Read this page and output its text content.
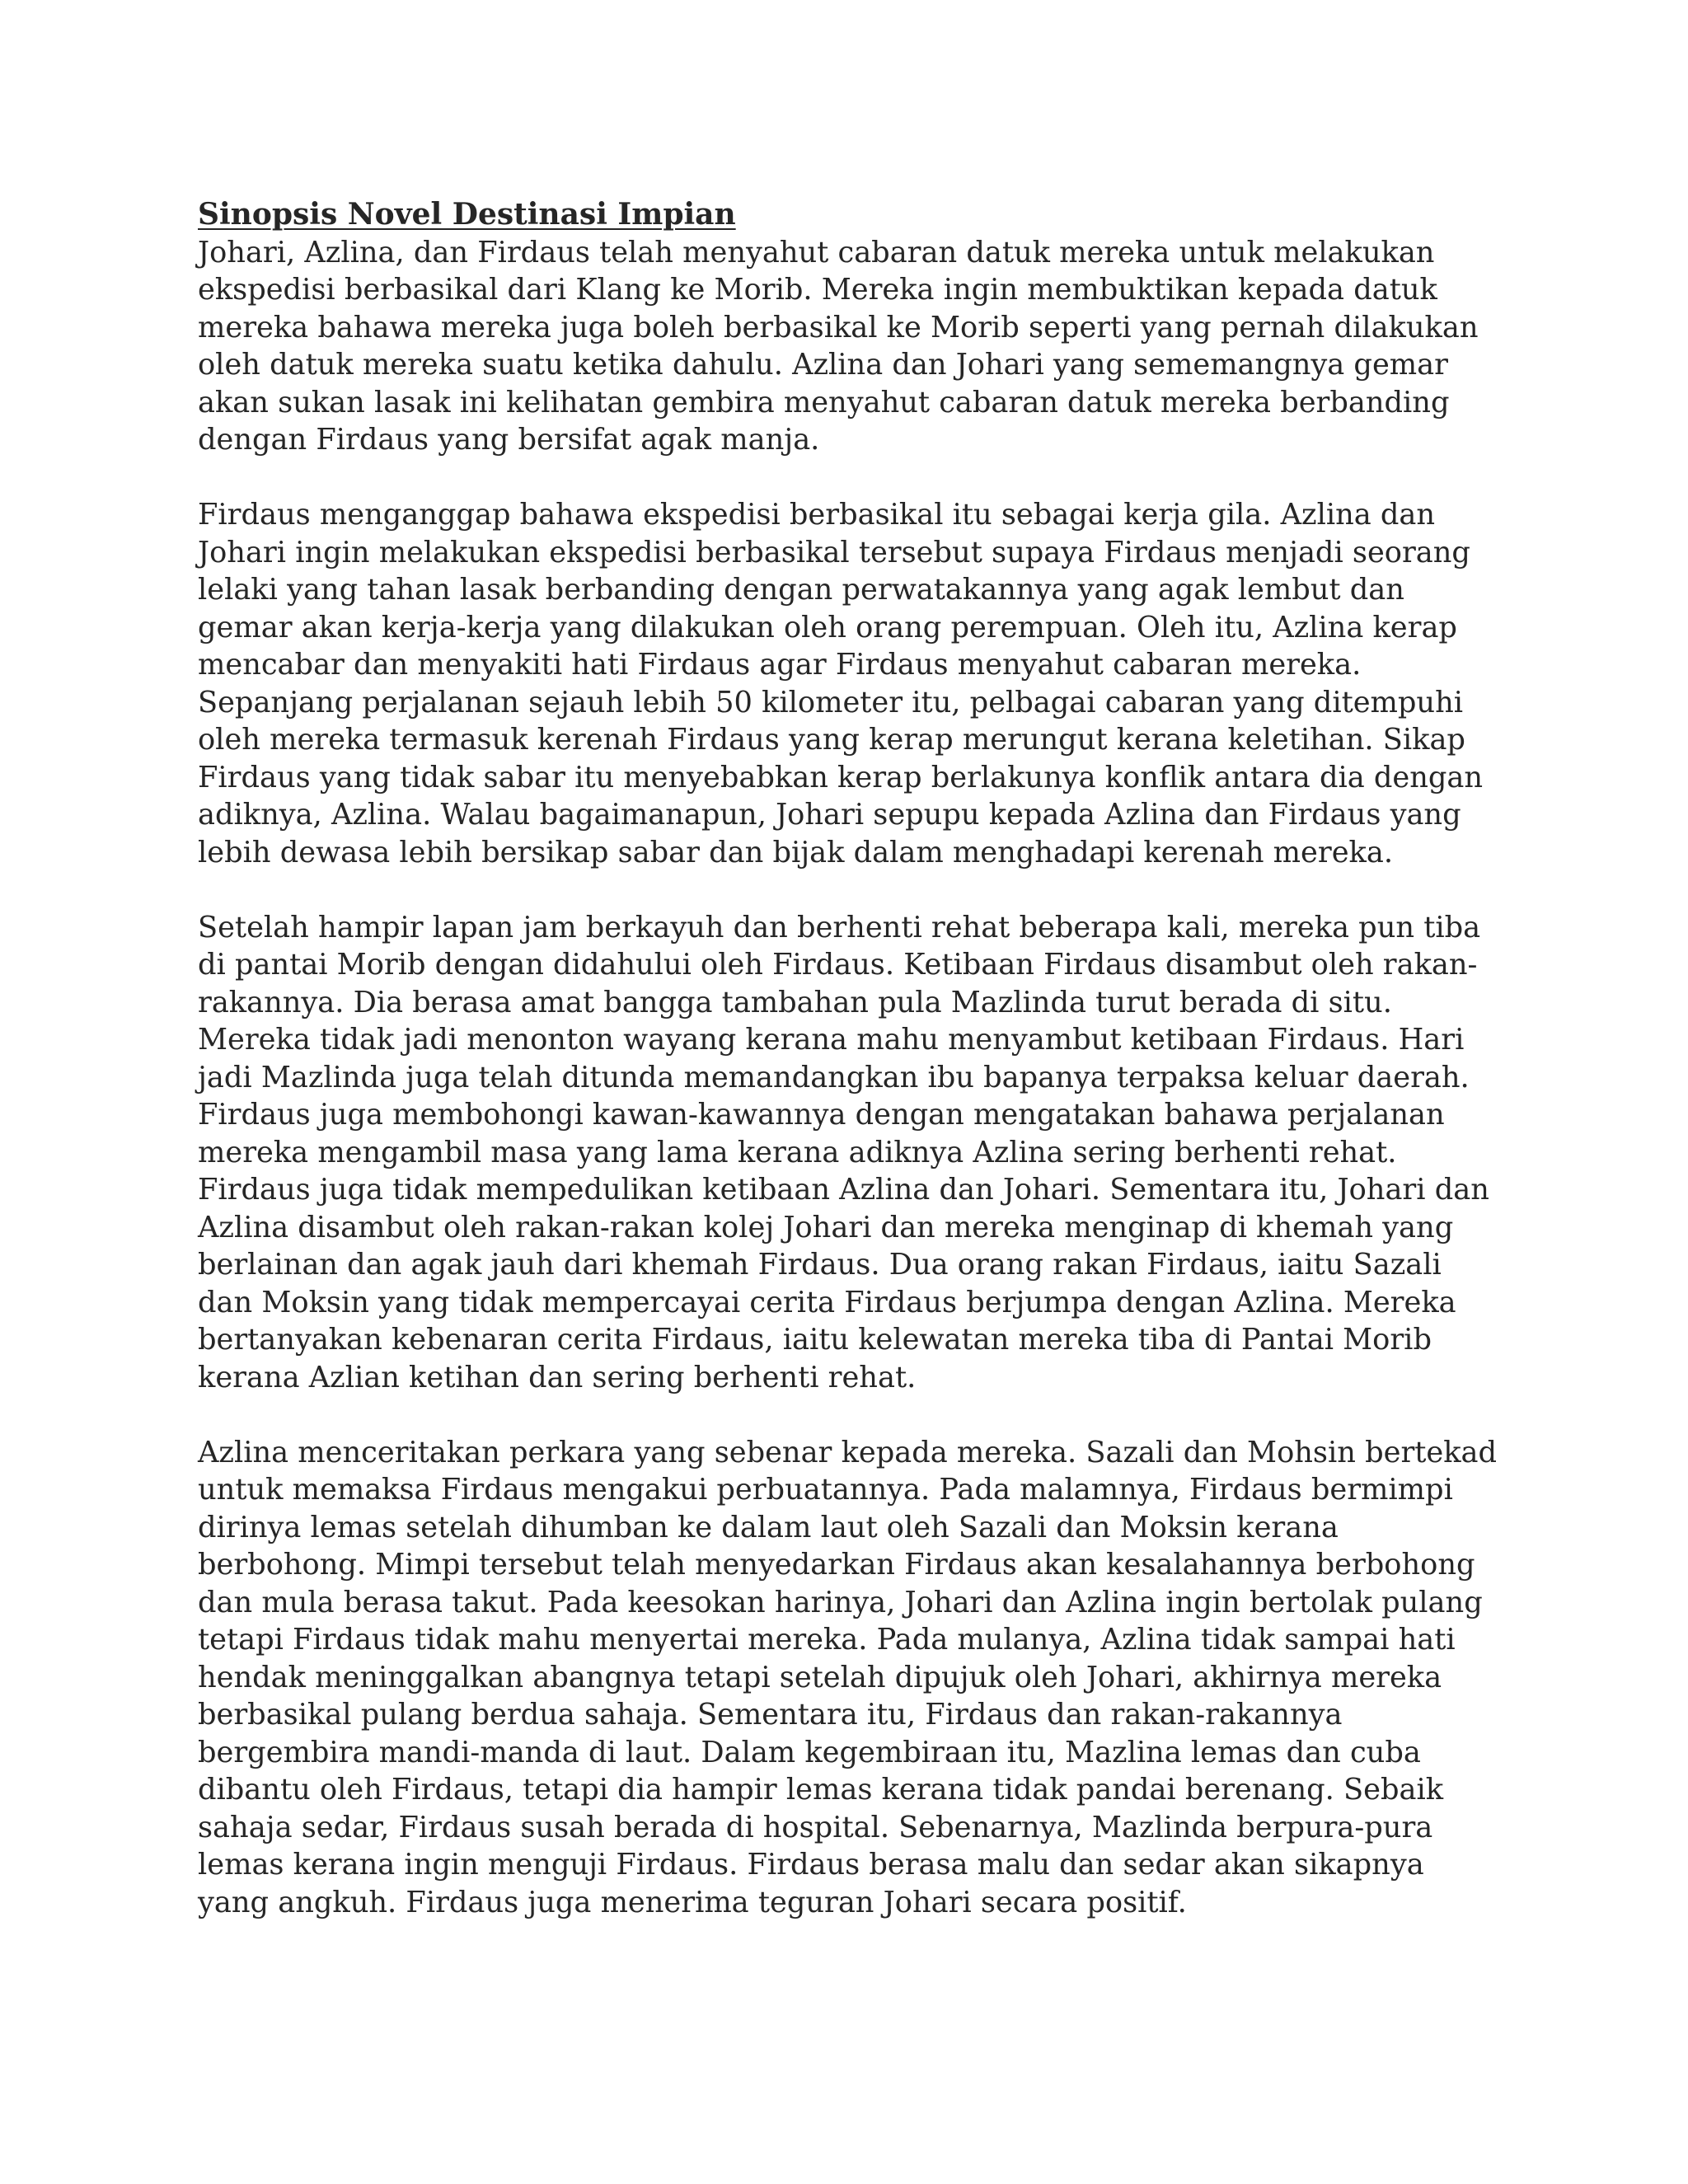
Sinopsis Novel Destinasi Impian

Johari, Azlina, dan Firdaus telah menyahut cabaran datuk mereka untuk melakukan ekspedisi berbasikal dari Klang ke Morib. Mereka ingin membuktikan kepada datuk mereka bahawa mereka juga boleh berbasikal ke Morib seperti yang pernah dilakukan oleh datuk mereka suatu ketika dahulu. Azlina dan Johari yang sememangnya gemar akan sukan lasak ini kelihatan gembira menyahut cabaran datuk mereka berbanding dengan Firdaus yang bersifat agak manja.

Firdaus menganggap bahawa ekspedisi berbasikal itu sebagai kerja gila. Azlina dan Johari ingin melakukan ekspedisi berbasikal tersebut supaya Firdaus menjadi seorang lelaki yang tahan lasak berbanding dengan perwatakannya yang agak lembut dan gemar akan kerja-kerja yang dilakukan oleh orang perempuan. Oleh itu, Azlina kerap mencabar dan menyakiti hati Firdaus agar Firdaus menyahut cabaran mereka. Sepanjang perjalanan sejauh lebih 50 kilometer itu, pelbagai cabaran yang ditempuhi oleh mereka termasuk kerenah Firdaus yang kerap merungut kerana keletihan. Sikap Firdaus yang tidak sabar itu menyebabkan kerap berlakunya konflik antara dia dengan adiknya, Azlina. Walau bagaimanapun, Johari sepupu kepada Azlina dan Firdaus yang lebih dewasa lebih bersikap sabar dan bijak dalam menghadapi kerenah mereka.

Setelah hampir lapan jam berkayuh dan berhenti rehat beberapa kali, mereka pun tiba di pantai Morib dengan didahului oleh Firdaus. Ketibaan Firdaus disambut oleh rakan-rakannya. Dia berasa amat bangga tambahan pula Mazlinda turut berada di situ. Mereka tidak jadi menonton wayang kerana mahu menyambut ketibaan Firdaus. Hari jadi Mazlinda juga telah ditunda memandangkan ibu bapanya terpaksa keluar daerah. Firdaus juga membohongi kawan-kawannya dengan mengatakan bahawa perjalanan mereka mengambil masa yang lama kerana adiknya Azlina sering berhenti rehat. Firdaus juga tidak mempedulikan ketibaan Azlina dan Johari. Sementara itu, Johari dan Azlina disambut oleh rakan-rakan kolej Johari dan mereka menginap di khemah yang berlainan dan agak jauh dari khemah Firdaus. Dua orang rakan Firdaus, iaitu Sazali dan Moksin yang tidak mempercayai cerita Firdaus berjumpa dengan Azlina. Mereka bertanyakan kebenaran cerita Firdaus, iaitu kelewatan mereka tiba di Pantai Morib kerana Azlian ketihan dan sering berhenti rehat.

Azlina menceritakan perkara yang sebenar kepada mereka. Sazali dan Mohsin bertekad untuk memaksa Firdaus mengakui perbuatannya. Pada malamnya, Firdaus bermimpi dirinya lemas setelah dihumban ke dalam laut oleh Sazali dan Moksin kerana berbohong. Mimpi tersebut telah menyedarkan Firdaus akan kesalahannya berbohong dan mula berasa takut. Pada keesokan harinya, Johari dan Azlina ingin bertolak pulang tetapi Firdaus tidak mahu menyertai mereka. Pada mulanya, Azlina tidak sampai hati hendak meninggalkan abangnya tetapi setelah dipujuk oleh Johari, akhirnya mereka berbasikal pulang berdua sahaja. Sementara itu, Firdaus dan rakan-rakannya bergembira mandi-manda di laut. Dalam kegembiraan itu, Mazlina lemas dan cuba dibantu oleh Firdaus, tetapi dia hampir lemas kerana tidak pandai berenang. Sebaik sahaja sedar, Firdaus susah berada di hospital. Sebenarnya, Mazlinda berpura-pura lemas kerana ingin menguji Firdaus. Firdaus berasa malu dan sedar akan sikapnya yang angkuh. Firdaus juga menerima teguran Johari secara positif.
